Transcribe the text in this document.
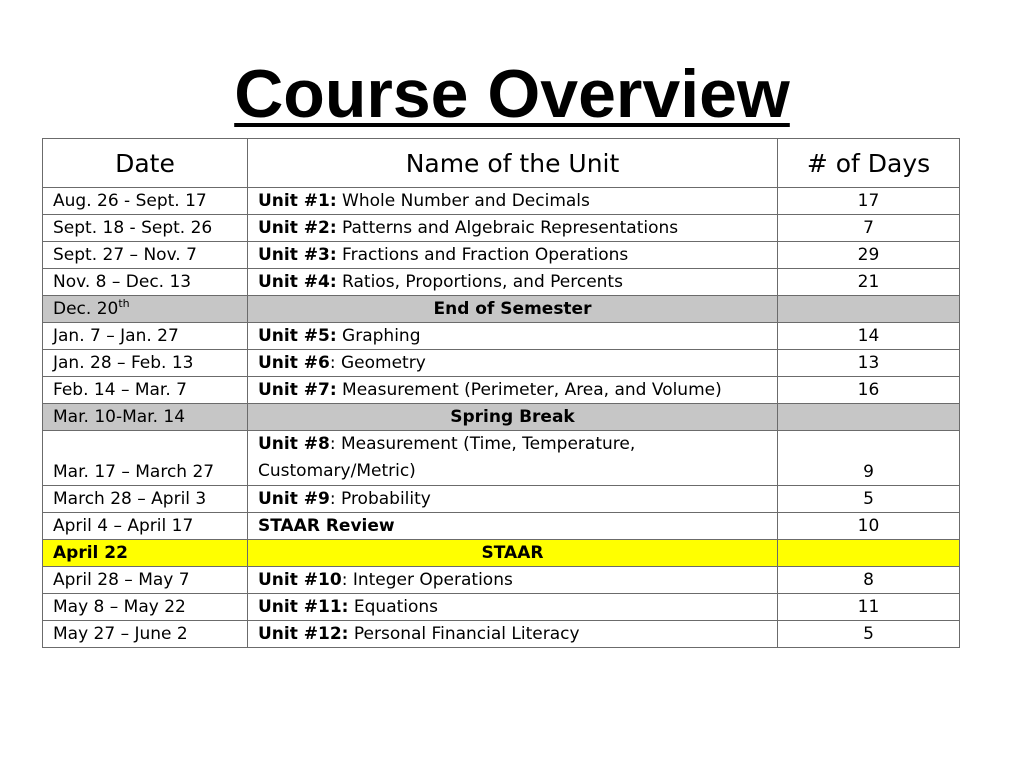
Course Overview
Date	Name of the Unit	# of Days
Aug. 26 - Sept. 17	Unit #1: Whole Number and Decimals	17
Sept. 18 - Sept. 26	Unit #2: Patterns and Algebraic Representations	7
Sept. 27 – Nov. 7	Unit #3: Fractions and Fraction Operations	29
Nov. 8 – Dec. 13	Unit #4: Ratios, Proportions, and Percents	21
Dec. 20th	End of Semester	
Jan. 7 – Jan. 27	Unit #5: Graphing	14
Jan. 28 – Feb. 13	Unit #6: Geometry	13
Feb. 14 – Mar. 7	Unit #7: Measurement (Perimeter, Area, and Volume)	16
Mar. 10-Mar. 14	Spring Break	
Mar. 17 – March 27	Unit #8: Measurement (Time, Temperature, Customary/Metric)	9
March 28 – April 3	Unit #9: Probability	5
April 4 – April 17	STAAR Review	10
April 22	STAAR	
April 28 – May 7	Unit #10: Integer Operations	8
May 8 – May 22	Unit #11: Equations	11
May 27 – June 2	Unit #12: Personal Financial Literacy	5
